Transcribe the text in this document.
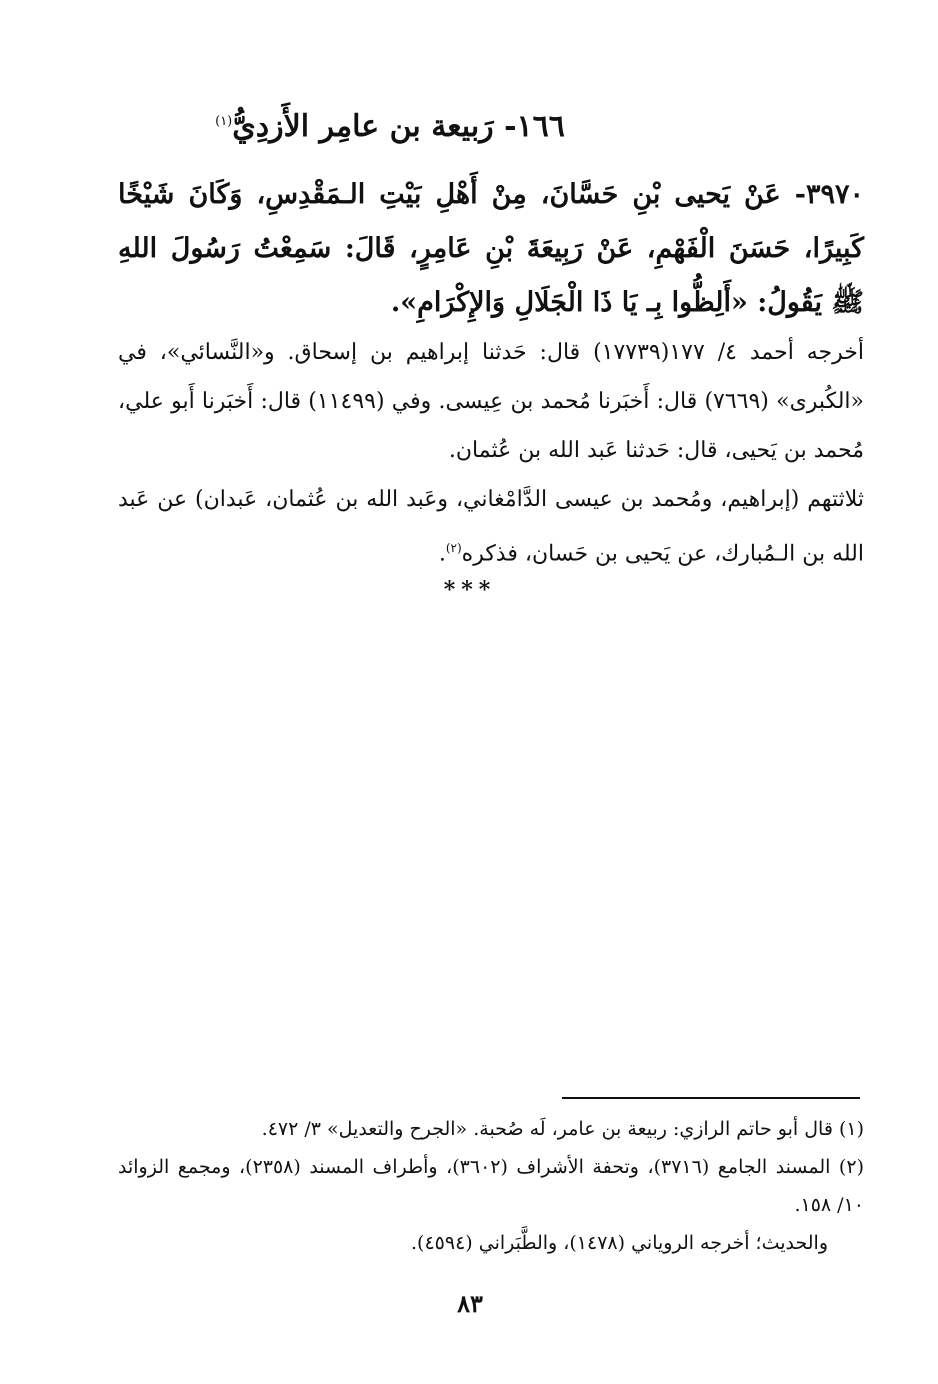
١٦٦- رَبيعة بن عامِر الأَزدِيُّ$^{(١)}$
٣٩٧٠- عَنْ يَحيى بْنِ حَسَّانَ، مِنْ أَهْلِ بَيْتِ الـمَقْدِسِ، وَكَانَ شَيْخًا كَبِيرًا، حَسَنَ الْفَهْمِ، عَنْ رَبِيعَةَ بْنِ عَامِرٍ، قَالَ: سَمِعْتُ رَسُولَ اللهِ ﷺ يَقُولُ: «أَلِظُّوا بِـ يَا ذَا الْجَلَالِ وَالإِكْرَامِ».

أخرجه أحمد ٤/ ١٧٧(١٧٧٣٩) قال: حَدثنا إبراهيم بن إسحاق. و«النَّسائي»، في «الكُبرى» (٧٦٦٩) قال: أَخبَرنا مُحمد بن عِيسى. وفي (١١٤٩٩) قال: أَخبَرنا أَبو علي، مُحمد بن يَحيى، قال: حَدثنا عَبد الله بن عُثمان.

ثلاثتهم (إبراهيم، ومُحمد بن عيسى الدَّامْغاني، وعَبد الله بن عُثمان، عَبدان) عن عَبد الله بن الـمُبارك، عن يَحيى بن حَسان، فذكره$^{(٢)}$.

***

(١) قال أبو حاتم الرازي: ربيعة بن عامر، لَه صُحبة. «الجرح والتعديل» ٣/ ٤٧٢.

(٢) المسند الجامع (٣٧١٦)، وتحفة الأشراف (٣٦٠٢)، وأطراف المسند (٢٣٥٨)، ومجمع الزوائد ١٠/ ١٥٨.

والحديث؛ أخرجه الروياني (١٤٧٨)، والطَّبَراني (٤٥٩٤).

٨٣
